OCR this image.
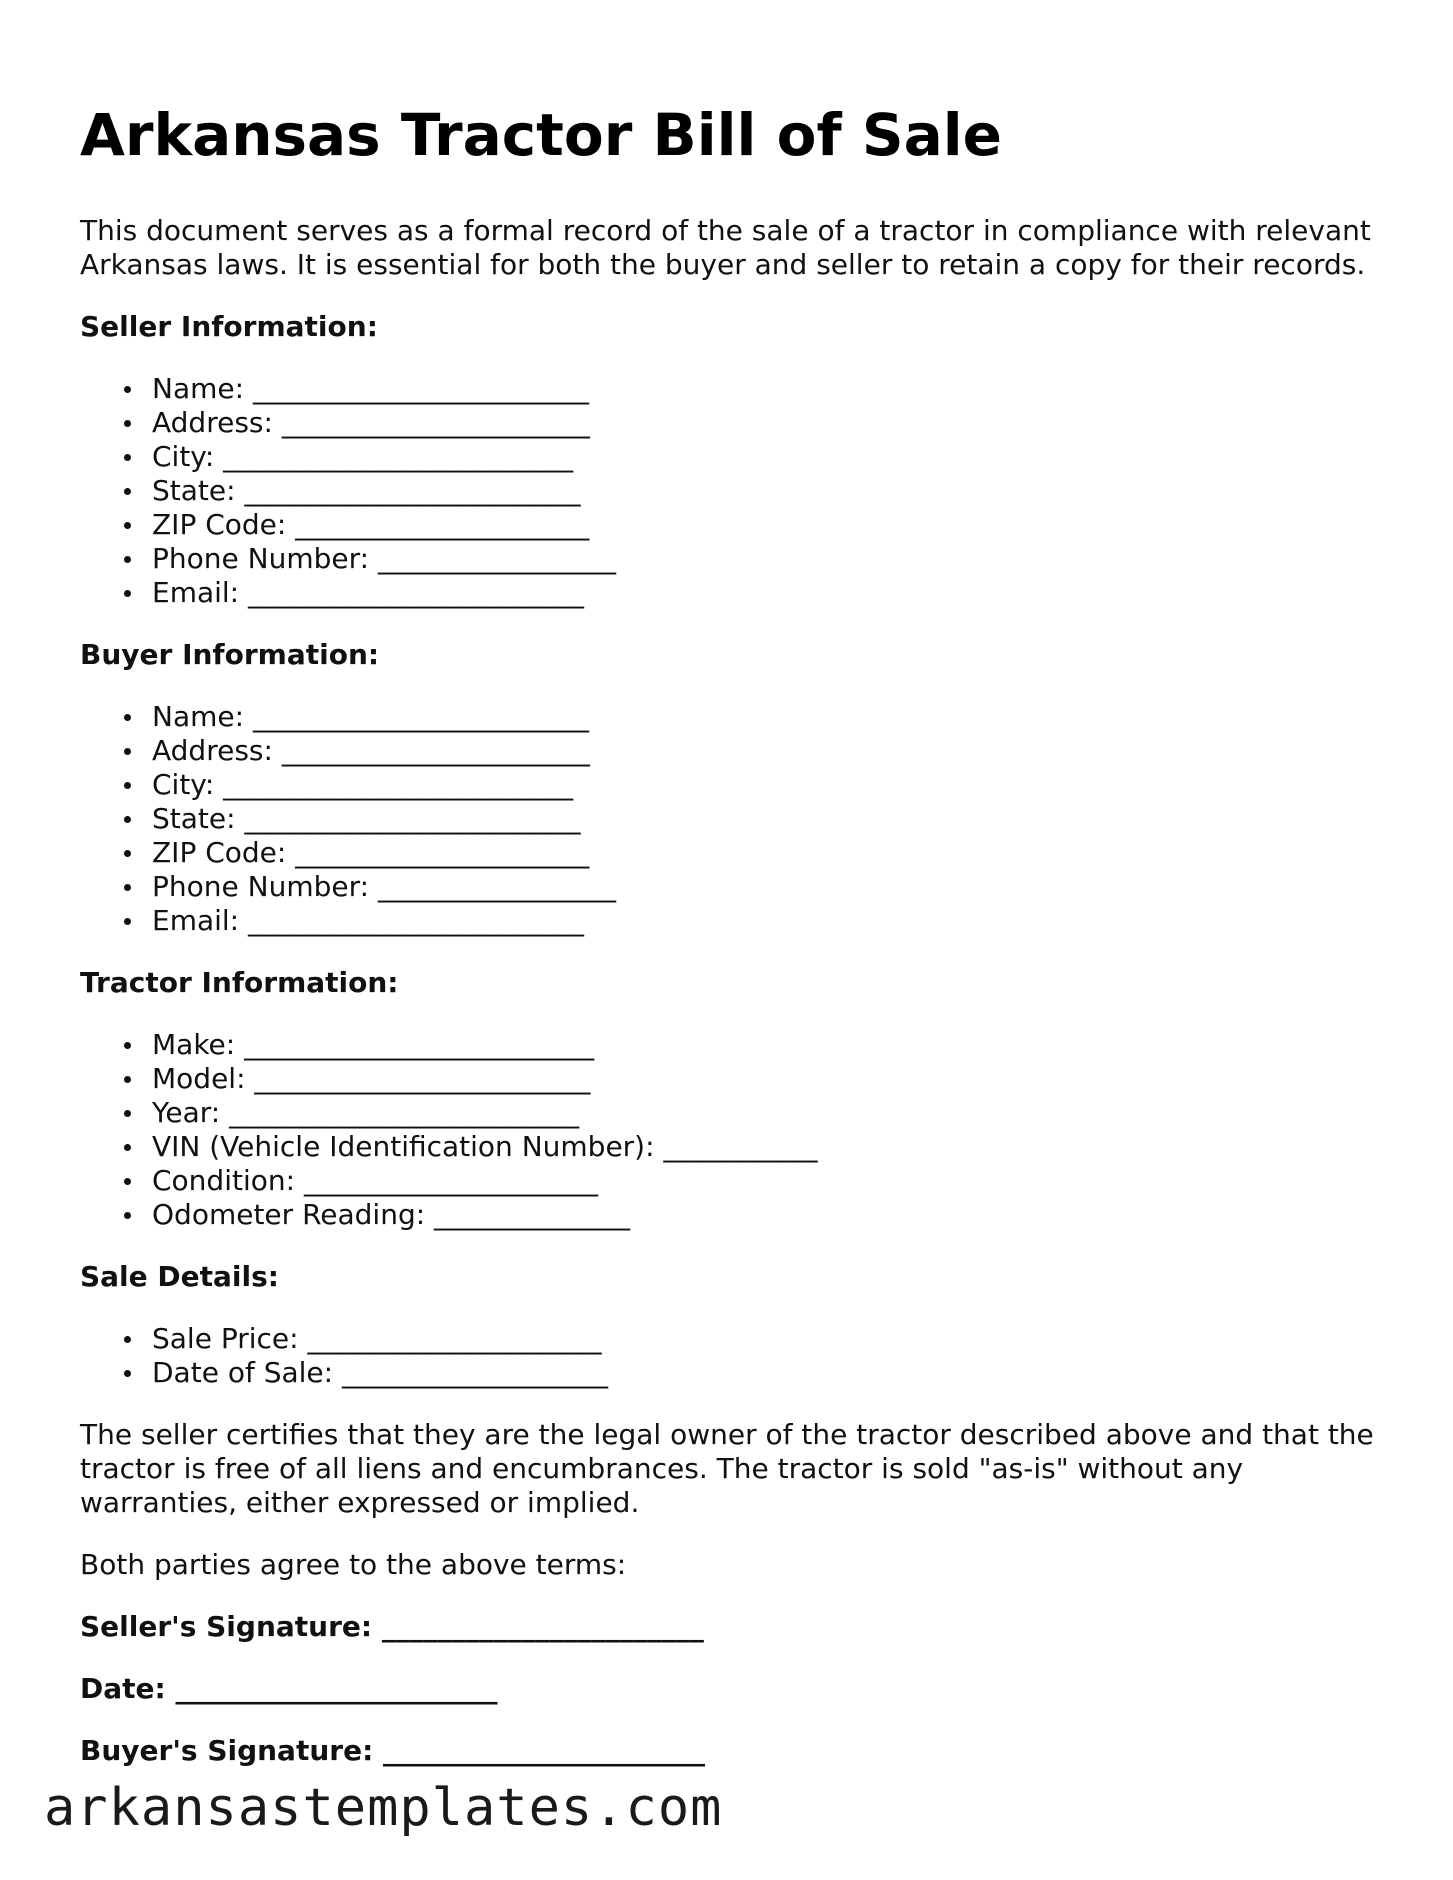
Arkansas Tractor Bill of Sale

This document serves as a formal record of the sale of a tractor in compliance with relevant Arkansas laws. It is essential for both the buyer and seller to retain a copy for their records.

Seller Information:
Name: ________________________
Address: ______________________
City: _________________________
State: ________________________
ZIP Code: _____________________
Phone Number: _________________
Email: ________________________
Buyer Information:
Name: ________________________
Address: ______________________
City: _________________________
State: ________________________
ZIP Code: _____________________
Phone Number: _________________
Email: ________________________
Tractor Information:
Make: _________________________
Model: ________________________
Year: _________________________
VIN (Vehicle Identification Number): ___________
Condition: _____________________
Odometer Reading: ______________
Sale Details:
Sale Price: _____________________
Date of Sale: ___________________

The seller certifies that they are the legal owner of the tractor described above and that the tractor is free of all liens and encumbrances. The tractor is sold "as-is" without any warranties, either expressed or implied.

Both parties agree to the above terms:

Seller's Signature: _______________________
Date: _______________________
Buyer's Signature: _______________________
arkansastemplates.com
